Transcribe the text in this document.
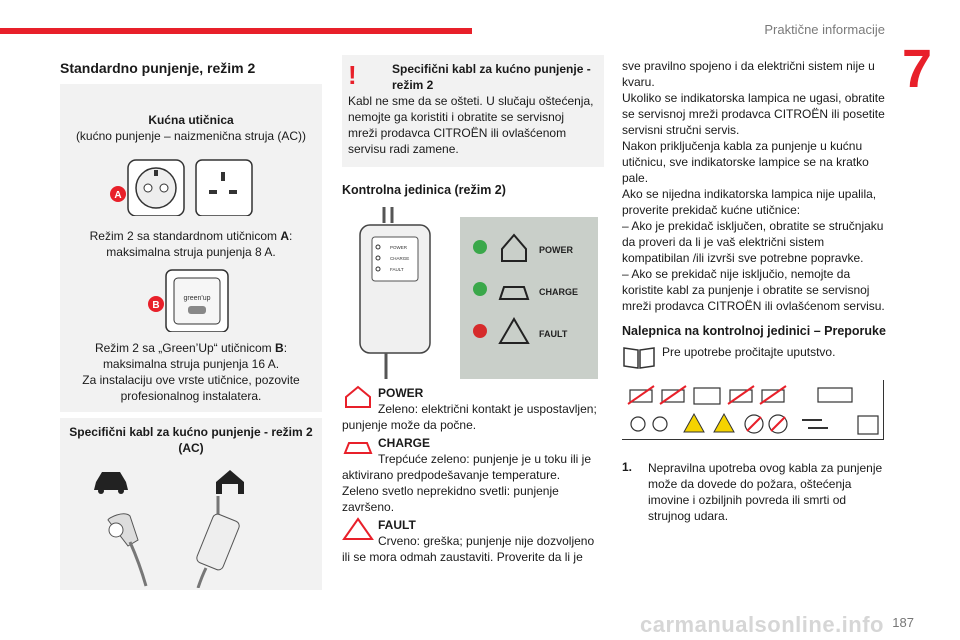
Praktične informacije
7
Standardno punjenje, režim 2

Kućna utičnica

(kućno punjenje – naizmenična struja (AC))

A

Režim 2 sa standardnom utičnicom A: maksimalna struja punjenja 8 A.

B
green'up

Režim 2 sa „Green’Up“ utičnicom B: maksimalna struja punjenja 16 A.

Za instalaciju ove vrste utičnice, pozovite profesionalnog instalatera.

Specifični kabl za kućno punjenje - režim 2 (AC)

!	Specifični kabl za kućno punjenje - režim 2
Kabl ne sme da se ošteti. U slučaju oštećenja, nemojte ga koristiti i obratite se servisnoj mreži prodavca CITROËN ili ovlašćenom servisu radi zamene.
Kontrolna jedinica (režim 2)
POWER
CHARGE
FAULT
POWER
CHARGE
FAULT
POWER
Zeleno: električni kontakt je uspostavljen; punjenje može da počne.
CHARGE
Trepćuće zeleno: punjenje je u toku ili je aktivirano predpodešavanje temperature.
Zeleno svetlo neprekidno svetli: punjenje završeno.
FAULT
Crveno: greška; punjenje nije dozvoljeno ili se mora odmah zaustaviti. Proverite da li je
sve pravilno spojeno i da električni sistem nije u kvaru.
Ukoliko se indikatorska lampica ne ugasi, obratite se servisnoj mreži prodavca CITROËN ili posetite servisni stručni servis.
Nakon priključenja kabla za punjenje u kućnu utičnicu, sve indikatorske lampice se na kratko pale.
Ako se nijedna indikatorska lampica nije upalila, proverite prekidač kućne utičnice:
– Ako je prekidač isključen, obratite se stručnjaku da proveri da li je vaš električni sistem kompatibilan /ili izvrši sve potrebne popravke.
– Ako se prekidač nije isključio, nemojte da koristite kabl za punjenje i obratite se servisnoj mreži prodavca CITROËN ili ovlašćenom servisu.
Nalepnica na kontrolnoj jedinici – Preporuke
Pre upotrebe pročitajte uputstvo.
1.	Nepravilna upotreba ovog kabla za punjenje može da dovede do požara, oštećenja imovine i ozbiljnih povreda ili smrti od strujnog udara.
carmanualsonline.info 187
